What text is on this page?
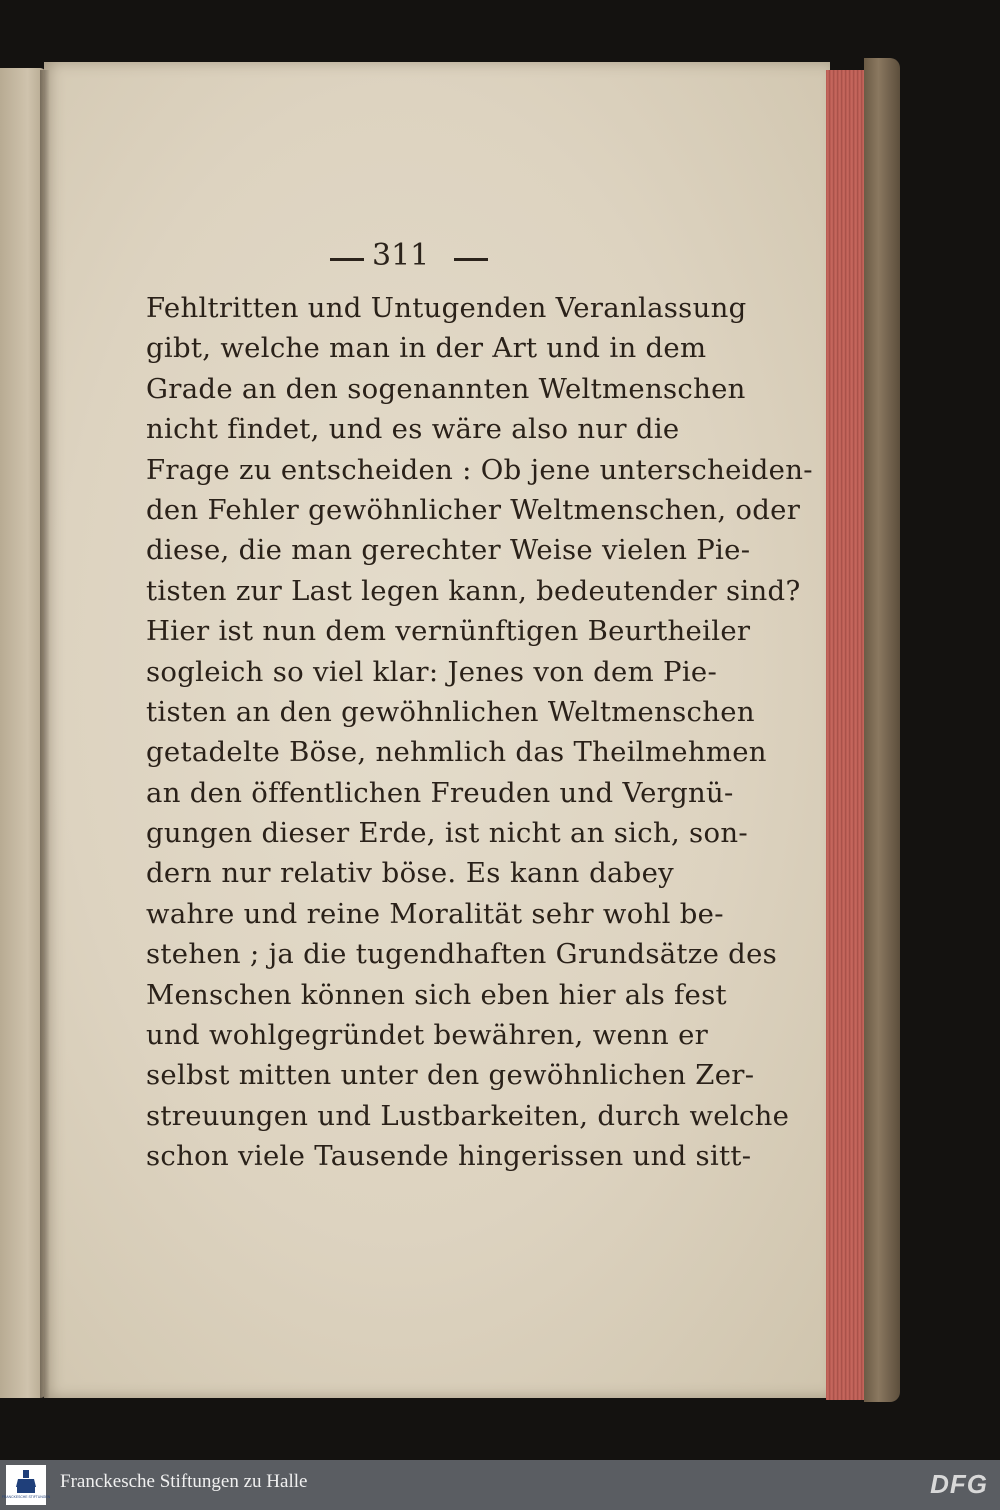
311
Fehltritten und Untugenden Veranlassung
gibt, welche man in der Art und in dem
Grade an den sogenannten Weltmenschen
nicht findet, und es wäre also nur die
Frage zu entscheiden : Ob jene unterscheiden-
den Fehler gewöhnlicher Weltmenschen, oder
diese, die man gerechter Weise vielen Pie-
tisten zur Last legen kann, bedeutender sind?
Hier ist nun dem vernünftigen Beurtheiler
sogleich so viel klar: Jenes von dem Pie-
tisten an den gewöhnlichen Weltmenschen
getadelte Böse, nehmlich das Theilmehmen
an den öffentlichen Freuden und Vergnü-
gungen dieser Erde, ist nicht an sich, son-
dern nur relativ böse. Es kann dabey
wahre und reine Moralität sehr wohl be-
stehen ; ja die tugendhaften Grundsätze des
Menschen können sich eben hier als fest
und wohlgegründet bewähren, wenn er
selbst mitten unter den gewöhnlichen Zer-
streuungen und Lustbarkeiten, durch welche
schon viele Tausende hingerissen und sitt-
FRANCKESCHE STIFTUNGEN
Franckesche Stiftungen zu Halle	DFG
